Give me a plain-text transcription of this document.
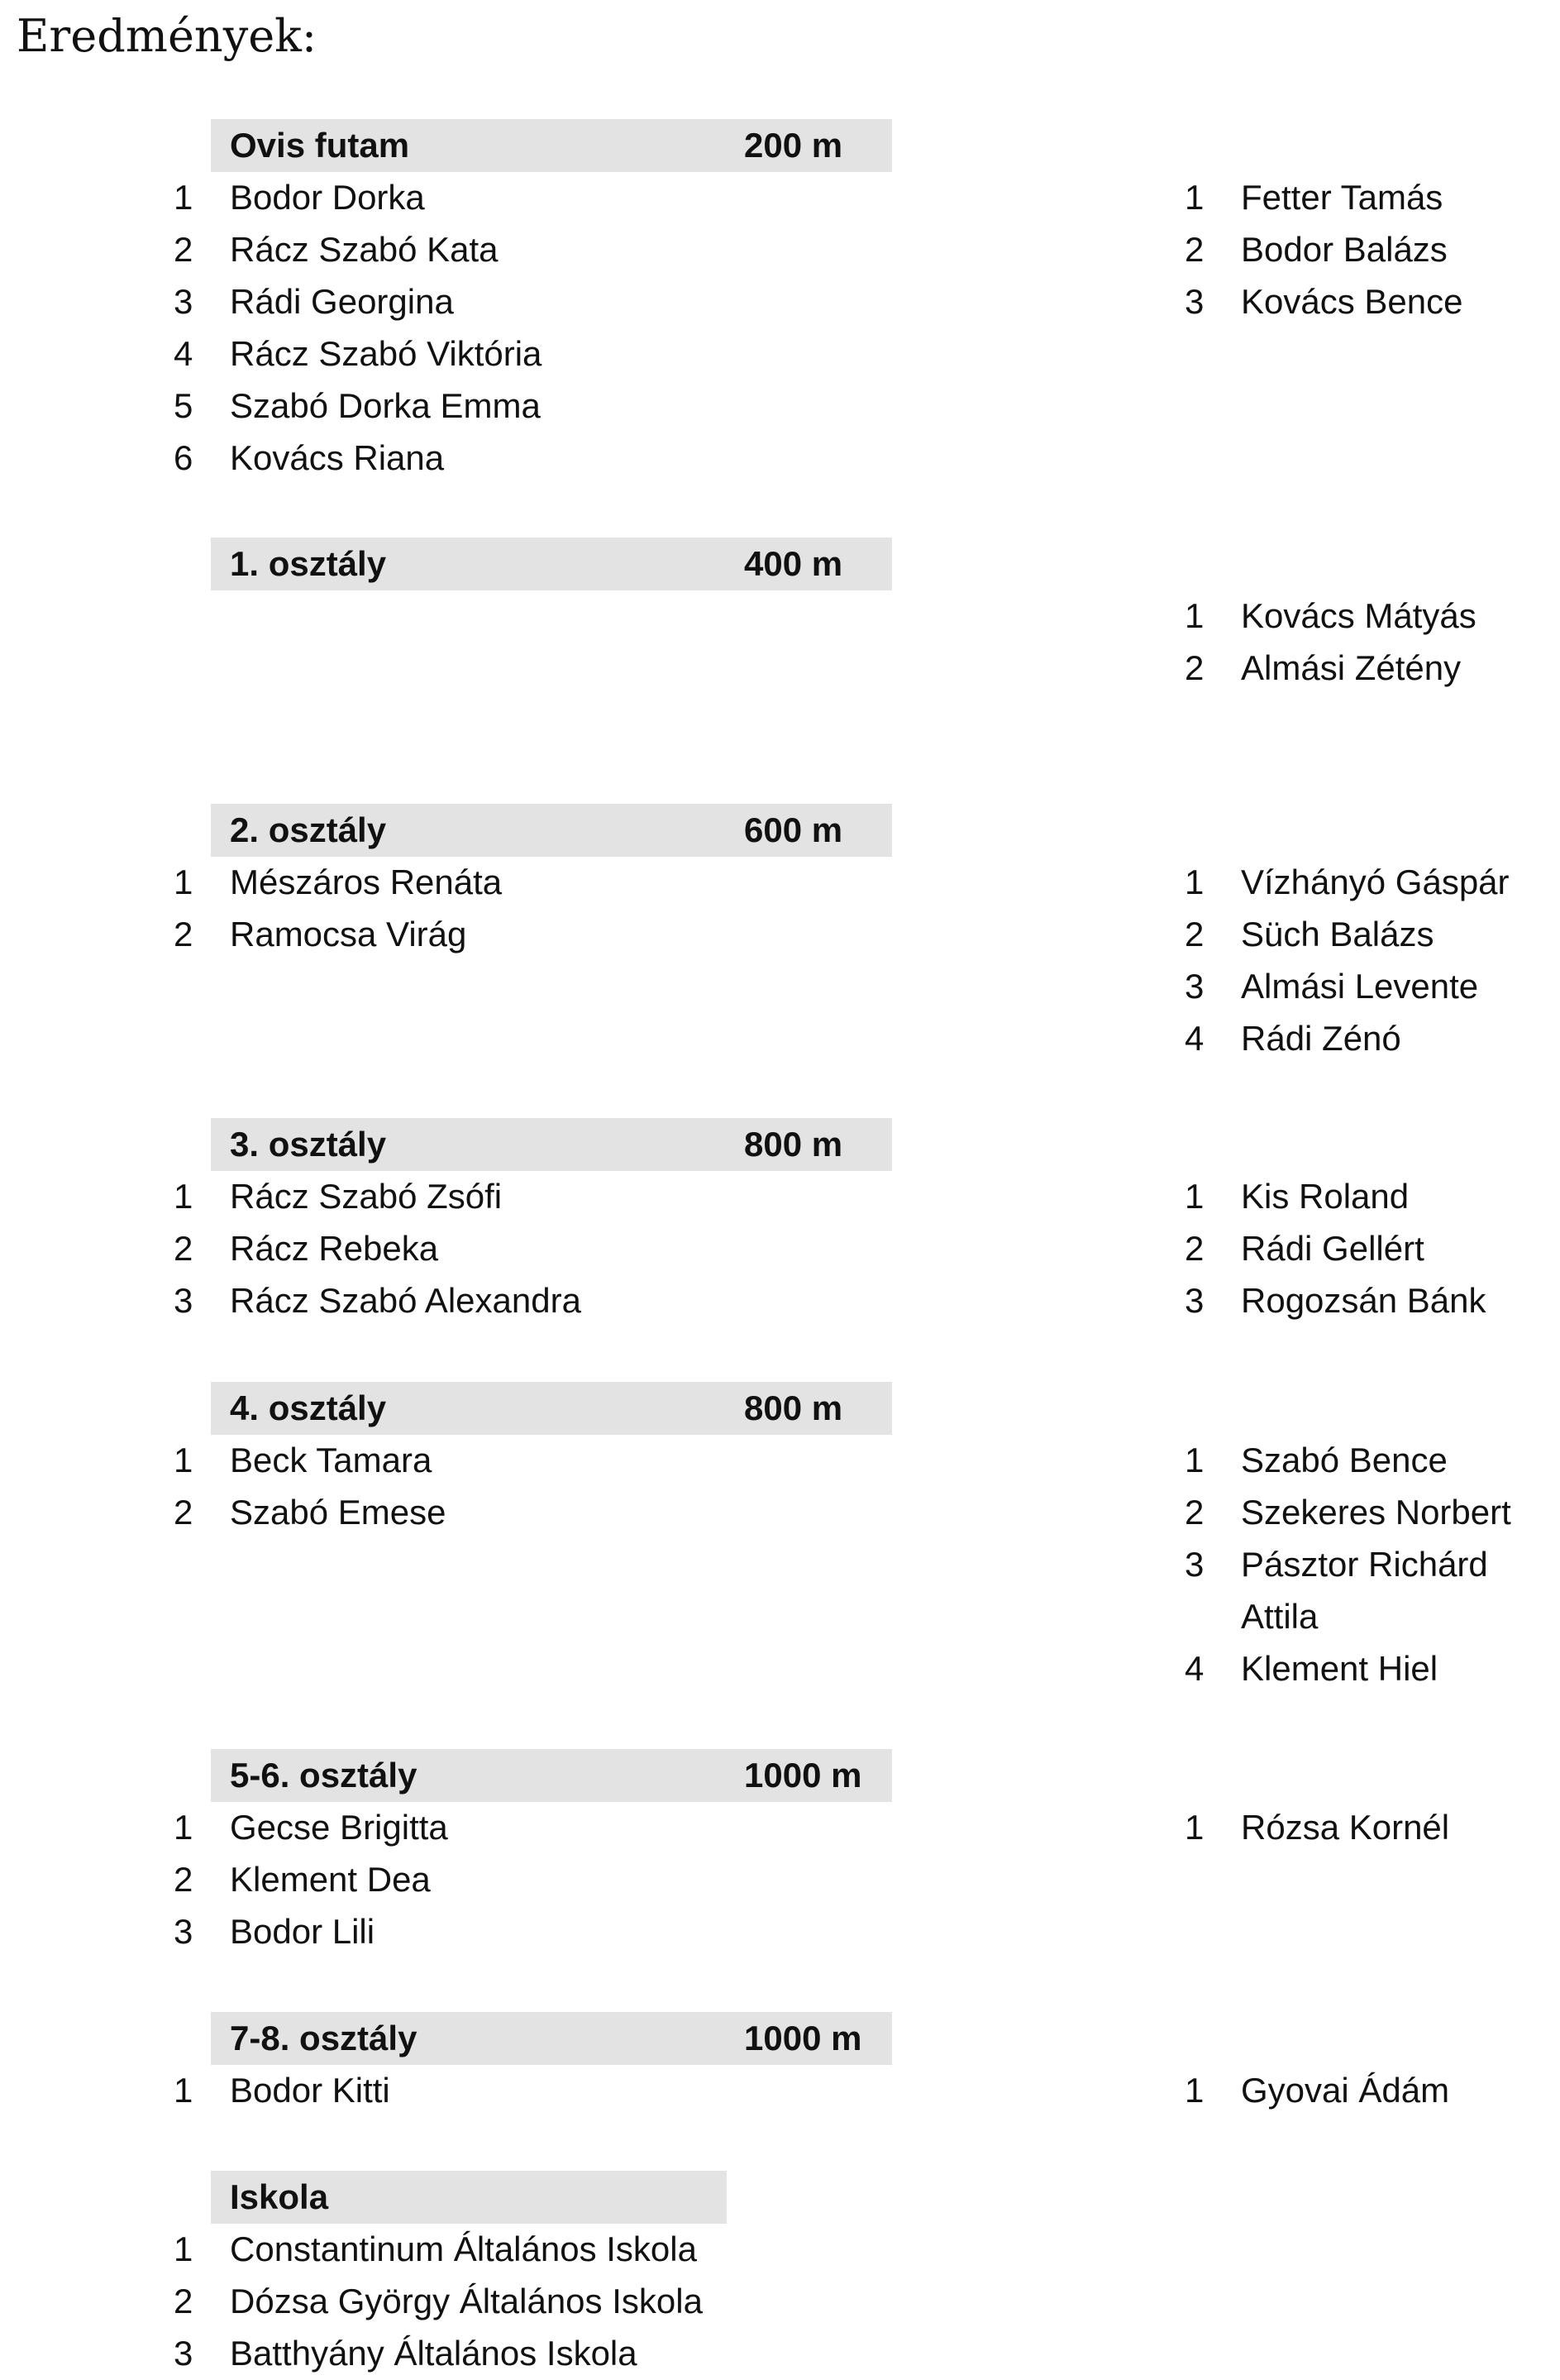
Eredmények:
Ovis futam	200 m
1	Bodor Dorka
2	Rácz Szabó Kata
3	Rádi Georgina
4	Rácz Szabó Viktória
5	Szabó Dorka Emma
6	Kovács Riana
1	Fetter Tamás
2	Bodor Balázs
3	Kovács Bence
1. osztály	400 m
1	Kovács Mátyás
2	Almási Zétény
2. osztály	600 m
1	Mészáros Renáta
2	Ramocsa Virág
1	Vízhányó Gáspár
2	Süch Balázs
3	Almási Levente
4	Rádi Zénó
3. osztály	800 m
1	Rácz Szabó Zsófi
2	Rácz Rebeka
3	Rácz Szabó Alexandra
1	Kis Roland
2	Rádi Gellért
3	Rogozsán Bánk
4. osztály	800 m
1	Beck Tamara
2	Szabó Emese
1	Szabó Bence
2	Szekeres Norbert
3	Pásztor Richárd
Attila
4	Klement Hiel
5-6. osztály	1000 m
1	Gecse Brigitta
2	Klement Dea
3	Bodor Lili
1	Rózsa Kornél
7-8. osztály	1000 m
1	Bodor Kitti	1	Gyovai Ádám
Iskola
1	Constantinum Általános Iskola
2	Dózsa György Általános Iskola
3	Batthyány Általános Iskola
